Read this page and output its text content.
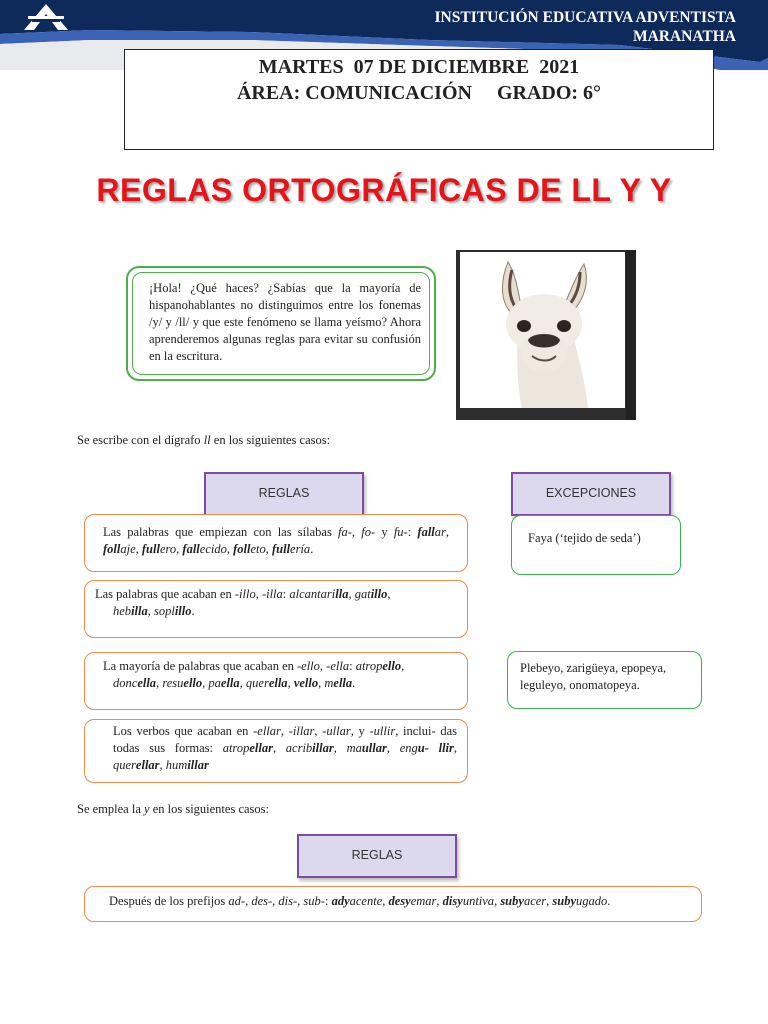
INSTITUCIÓN EDUCATIVA ADVENTISTA
MARANATHA
MARTES  07 DE DICIEMBRE  2021
ÁREA: COMUNICACIÓN     GRADO: 6°
REGLAS ORTOGRÁFICAS DE LL Y Y
¡Hola! ¿Qué haces? ¿Sabías que la mayoría de hispanohablantes no distinguimos entre los fonemas /y/ y /ll/ y que este fenómeno se llama yeísmo? Ahora aprenderemos algunas reglas para evitar su confusión en la escritura.
Se escribe con el dígrafo ll en los siguientes casos:
REGLAS	EXCEPCIONES
Las palabras que empiezan con las sílabas fa-, fo- y fu-: fallar, follaje, fullero, fallecido, folleto, fullería.
Las palabras que acaban en -illo, -illa: alcantarilla, gatillo,
hebilla, soplillo.
La mayoría de palabras que acaban en -ello, -ella: atropello,
doncella, resuello, paella, querella, vello, mella.
Los verbos que acaban en -ellar, -illar, -ullar, y -ullir, inclui- das todas sus formas: atropellar, acribillar, maullar, engu- llir, querellar, humillar
Faya (‘tejido de seda’)
Plebeyo, zarigüeya, epopeya, leguleyo, onomatopeya.
Se emplea la y en los siguientes casos:
REGLAS
Después de los prefijos ad-, des-, dis-, sub-: adyacente, desyemar, disyuntiva, subyacer, subyugado.
